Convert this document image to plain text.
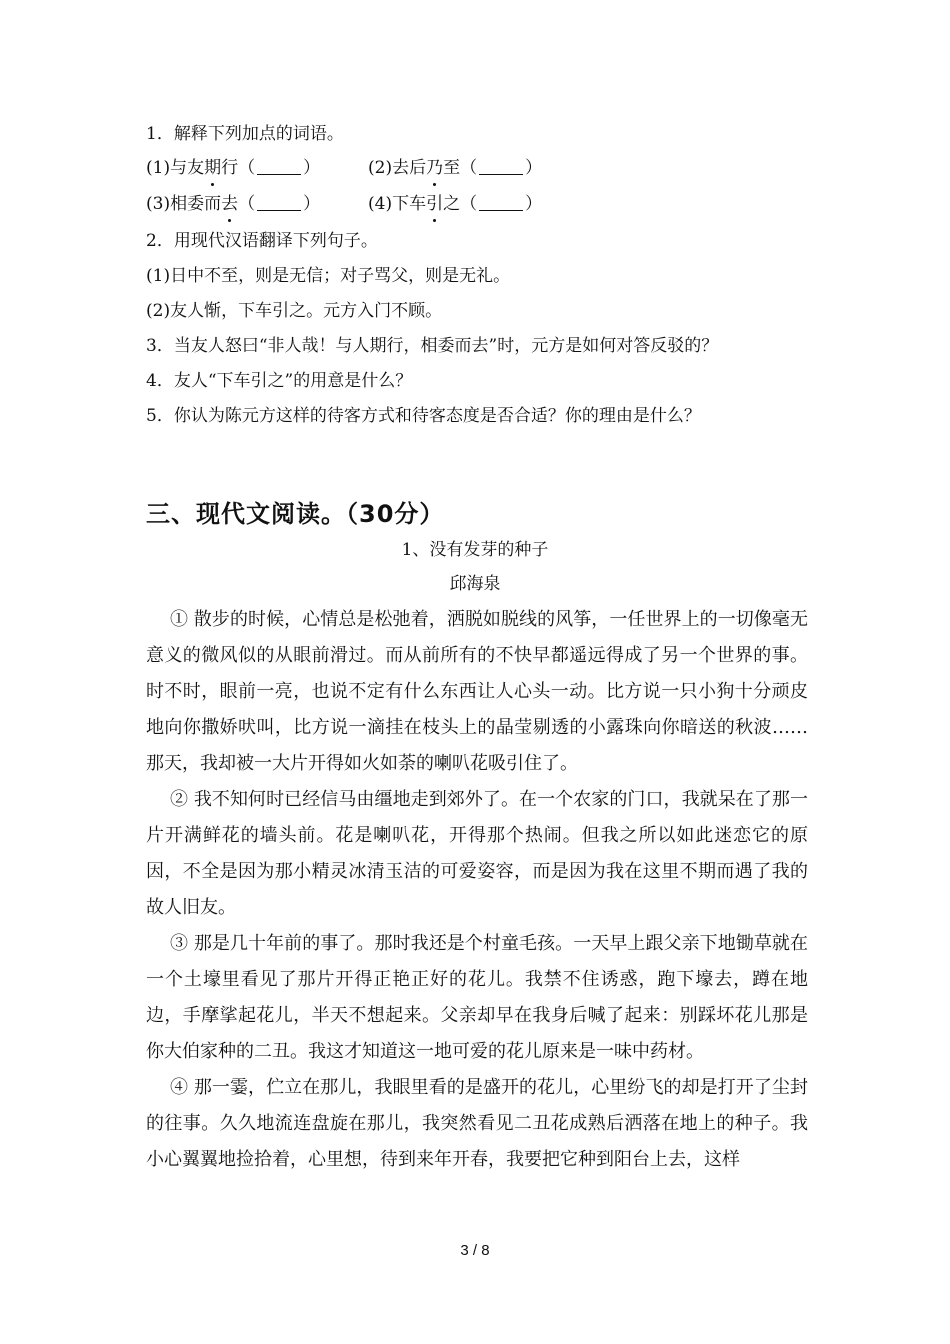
1．解释下列加点的词语。
(1)与友期行（	）	(2)去后乃至（	）
(3)相委而去（	）	(4)下车引之（	）
2．用现代汉语翻译下列句子。
(1)日中不至，则是无信；对子骂父，则是无礼。
(2)友人惭，下车引之。元方入门不顾。
3．当友人怒曰“非人哉！与人期行，相委而去”时，元方是如何对答反驳的？
4．友人“下车引之”的用意是什么？
5．你认为陈元方这样的待客方式和待客态度是否合适？你的理由是什么？
三、现代文阅读。（30分）
1、没有发芽的种子
邱海泉
① 散步的时候，心情总是松弛着，洒脱如脱线的风筝，一任世界上的一切像毫无意义的微风似的从眼前滑过。而从前所有的不快早都遥远得成了另一个世界的事。时不时，眼前一亮，也说不定有什么东西让人心头一动。比方说一只小狗十分顽皮地向你撒娇吠叫，比方说一滴挂在枝头上的晶莹剔透的小露珠向你暗送的秋波……那天，我却被一大片开得如火如荼的喇叭花吸引住了。
② 我不知何时已经信马由缰地走到郊外了。在一个农家的门口，我就呆在了那一片开满鲜花的墙头前。花是喇叭花，开得那个热闹。但我之所以如此迷恋它的原因，不全是因为那小精灵冰清玉洁的可爱姿容，而是因为我在这里不期而遇了我的故人旧友。
③ 那是几十年前的事了。那时我还是个村童毛孩。一天早上跟父亲下地锄草就在一个土壕里看见了那片开得正艳正好的花儿。我禁不住诱惑，跑下壕去，蹲在地边，手摩挲起花儿，半天不想起来。父亲却早在我身后喊了起来：别踩坏花儿那是你大伯家种的二丑。我这才知道这一地可爱的花儿原来是一味中药材。
④ 那一霎，伫立在那儿，我眼里看的是盛开的花儿，心里纷飞的却是打开了尘封的往事。久久地流连盘旋在那儿，我突然看见二丑花成熟后洒落在地上的种子。我小心翼翼地捡拾着，心里想，待到来年开春，我要把它种到阳台上去，这样
3 / 8
